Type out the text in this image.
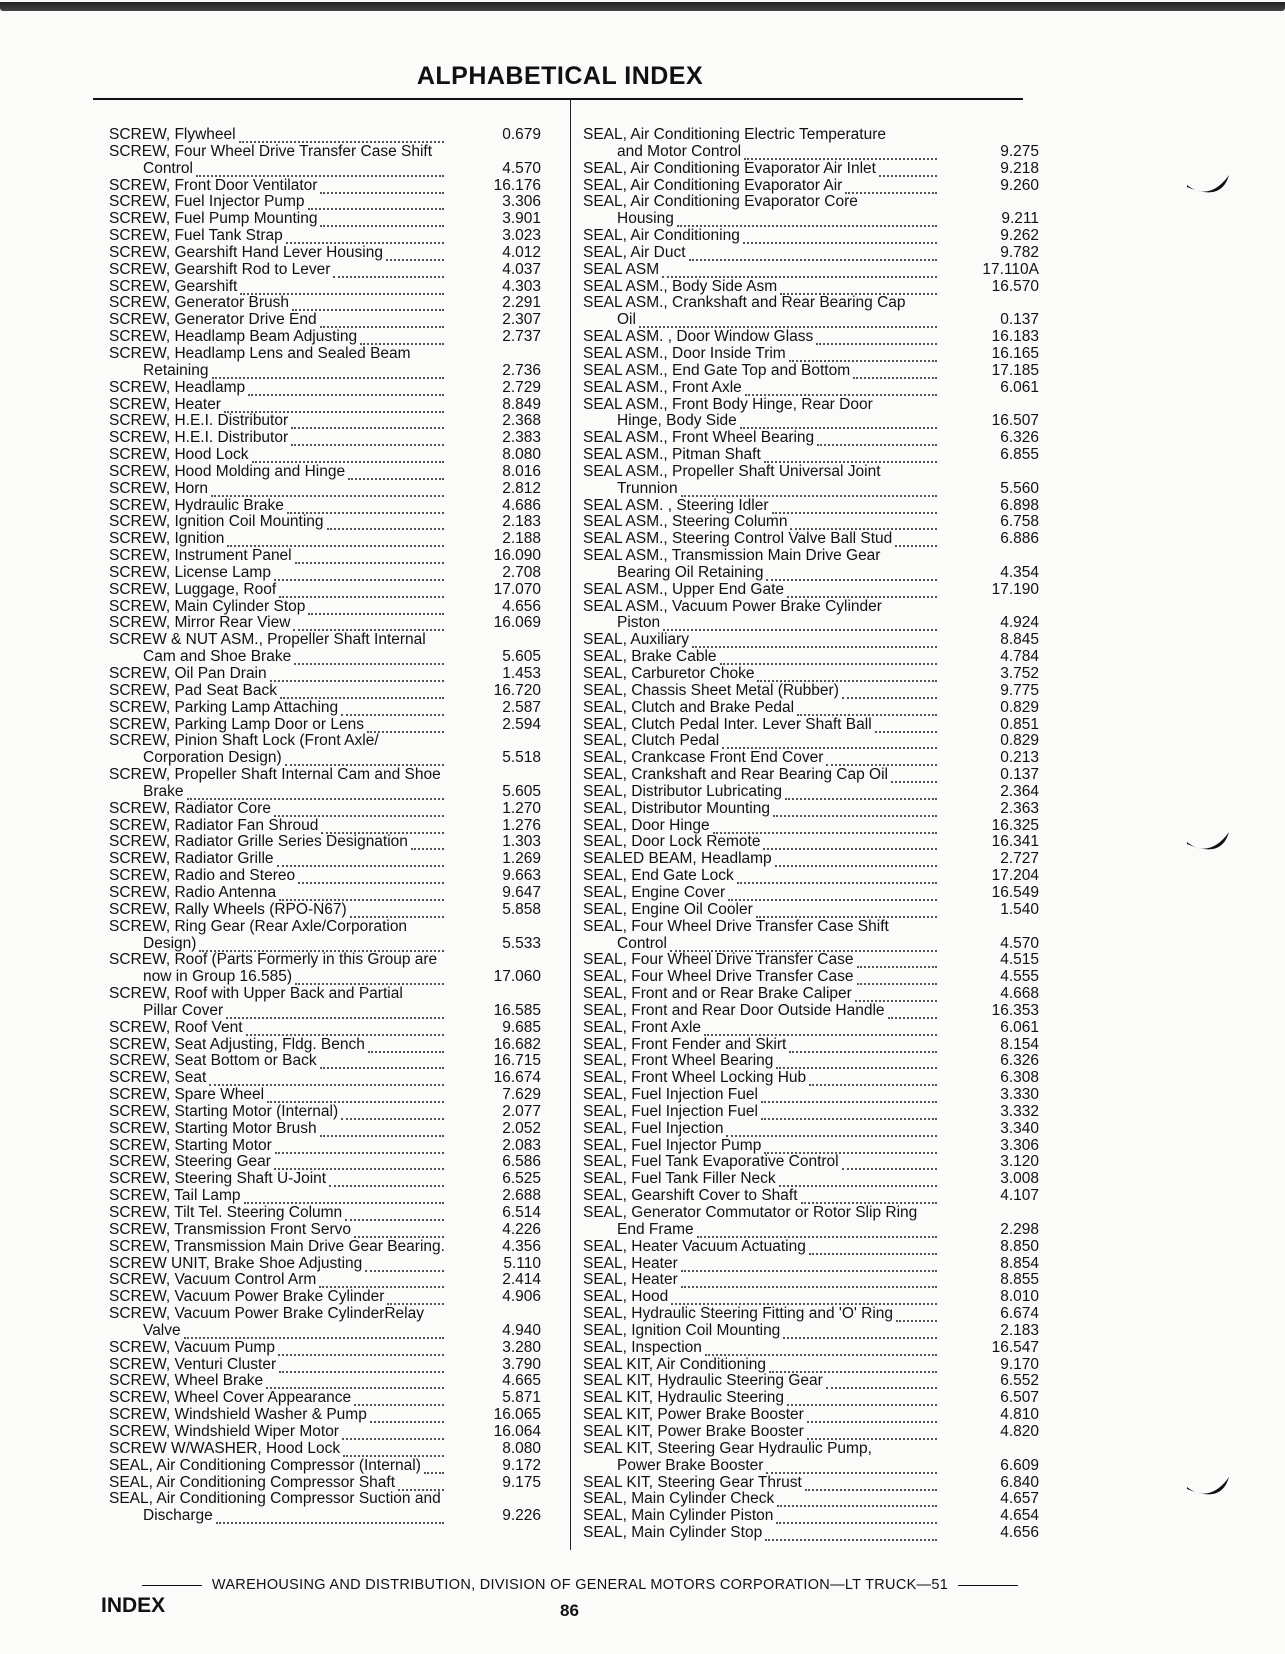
ALPHABETICAL INDEX
SCREW, Flywheel	0.679
SCREW, Four Wheel Drive Transfer Case Shift
Control	4.570
SCREW, Front Door Ventilator	16.176
SCREW, Fuel Injector Pump	3.306
SCREW, Fuel Pump Mounting	3.901
SCREW, Fuel Tank Strap	3.023
SCREW, Gearshift Hand Lever Housing	4.012
SCREW, Gearshift Rod to Lever	4.037
SCREW, Gearshift	4.303
SCREW, Generator Brush	2.291
SCREW, Generator Drive End	2.307
SCREW, Headlamp Beam Adjusting	2.737
SCREW, Headlamp Lens and Sealed Beam
Retaining	2.736
SCREW, Headlamp	2.729
SCREW, Heater	8.849
SCREW, H.E.I. Distributor	2.368
SCREW, H.E.I. Distributor	2.383
SCREW, Hood Lock	8.080
SCREW, Hood Molding and Hinge	8.016
SCREW, Horn	2.812
SCREW, Hydraulic Brake	4.686
SCREW, Ignition Coil Mounting	2.183
SCREW, Ignition	2.188
SCREW, Instrument Panel	16.090
SCREW, License Lamp	2.708
SCREW, Luggage, Roof	17.070
SCREW, Main Cylinder Stop	4.656
SCREW, Mirror Rear View	16.069
SCREW & NUT ASM., Propeller Shaft Internal
Cam and Shoe Brake	5.605
SCREW, Oil Pan Drain	1.453
SCREW, Pad Seat Back	16.720
SCREW, Parking Lamp Attaching	2.587
SCREW, Parking Lamp Door or Lens	2.594
SCREW, Pinion Shaft Lock (Front Axle/
Corporation Design)	5.518
SCREW, Propeller Shaft Internal Cam and Shoe
Brake	5.605
SCREW, Radiator Core	1.270
SCREW, Radiator Fan Shroud	1.276
SCREW, Radiator Grille Series Designation	1.303
SCREW, Radiator Grille	1.269
SCREW, Radio and Stereo	9.663
SCREW, Radio Antenna	9.647
SCREW, Rally Wheels (RPO-N67)	5.858
SCREW, Ring Gear (Rear Axle/Corporation
Design)	5.533
SCREW, Roof (Parts Formerly in this Group are
now in Group 16.585)	17.060
SCREW, Roof with Upper Back and Partial
Pillar Cover	16.585
SCREW, Roof Vent	9.685
SCREW, Seat Adjusting, Fldg. Bench	16.682
SCREW, Seat Bottom or Back	16.715
SCREW, Seat	16.674
SCREW, Spare Wheel	7.629
SCREW, Starting Motor (Internal)	2.077
SCREW, Starting Motor Brush	2.052
SCREW, Starting Motor	2.083
SCREW, Steering Gear	6.586
SCREW, Steering Shaft U-Joint	6.525
SCREW, Tail Lamp	2.688
SCREW, Tilt Tel. Steering Column	6.514
SCREW, Transmission Front Servo	4.226
SCREW, Transmission Main Drive Gear Bearing.	4.356
SCREW UNIT, Brake Shoe Adjusting	5.110
SCREW, Vacuum Control Arm	2.414
SCREW, Vacuum Power Brake Cylinder	4.906
SCREW, Vacuum Power Brake CylinderRelay
Valve	4.940
SCREW, Vacuum Pump	3.280
SCREW, Venturi Cluster	3.790
SCREW, Wheel Brake	4.665
SCREW, Wheel Cover Appearance	5.871
SCREW, Windshield Washer & Pump	16.065
SCREW, Windshield Wiper Motor	16.064
SCREW W/WASHER, Hood Lock	8.080
SEAL, Air Conditioning Compressor (Internal)	9.172
SEAL, Air Conditioning Compressor Shaft	9.175
SEAL, Air Conditioning Compressor Suction and
Discharge	9.226
SEAL, Air Conditioning Electric Temperature
and Motor Control	9.275
SEAL, Air Conditioning Evaporator Air Inlet	9.218
SEAL, Air Conditioning Evaporator Air	9.260
SEAL, Air Conditioning Evaporator Core
Housing	9.211
SEAL, Air Conditioning	9.262
SEAL, Air Duct	9.782
SEAL ASM	17.110A
SEAL ASM., Body Side Asm	16.570
SEAL ASM., Crankshaft and Rear Bearing Cap
Oil	0.137
SEAL ASM. , Door Window Glass	16.183
SEAL ASM., Door Inside Trim	16.165
SEAL ASM., End Gate Top and Bottom	17.185
SEAL ASM., Front Axle	6.061
SEAL ASM., Front Body Hinge, Rear Door
Hinge, Body Side	16.507
SEAL ASM., Front Wheel Bearing	6.326
SEAL ASM., Pitman Shaft	6.855
SEAL ASM., Propeller Shaft Universal Joint
Trunnion	5.560
SEAL ASM. , Steering Idler	6.898
SEAL ASM., Steering Column	6.758
SEAL ASM., Steering Control Valve Ball Stud	6.886
SEAL ASM., Transmission Main Drive Gear
Bearing Oil Retaining	4.354
SEAL ASM., Upper End Gate	17.190
SEAL ASM., Vacuum Power Brake Cylinder
Piston	4.924
SEAL, Auxiliary	8.845
SEAL, Brake Cable	4.784
SEAL, Carburetor Choke	3.752
SEAL, Chassis Sheet Metal (Rubber)	9.775
SEAL, Clutch and Brake Pedal	0.829
SEAL, Clutch Pedal Inter. Lever Shaft Ball	0.851
SEAL, Clutch Pedal	0.829
SEAL, Crankcase Front End Cover	0.213
SEAL, Crankshaft and Rear Bearing Cap Oil	0.137
SEAL, Distributor Lubricating	2.364
SEAL, Distributor Mounting	2.363
SEAL, Door Hinge	16.325
SEAL, Door Lock Remote	16.341
SEALED BEAM, Headlamp	2.727
SEAL, End Gate Lock	17.204
SEAL, Engine Cover	16.549
SEAL, Engine Oil Cooler	1.540
SEAL, Four Wheel Drive Transfer Case Shift
Control	4.570
SEAL, Four Wheel Drive Transfer Case	4.515
SEAL, Four Wheel Drive Transfer Case	4.555
SEAL, Front and or Rear Brake Caliper	4.668
SEAL, Front and Rear Door Outside Handle	16.353
SEAL, Front Axle	6.061
SEAL, Front Fender and Skirt	8.154
SEAL, Front Wheel Bearing	6.326
SEAL, Front Wheel Locking Hub	6.308
SEAL, Fuel Injection Fuel	3.330
SEAL, Fuel Injection Fuel	3.332
SEAL, Fuel Injection	3.340
SEAL, Fuel Injector Pump	3.306
SEAL, Fuel Tank Evaporative Control	3.120
SEAL, Fuel Tank Filler Neck	3.008
SEAL, Gearshift Cover to Shaft	4.107
SEAL, Generator Commutator or Rotor Slip Ring
End Frame	2.298
SEAL, Heater Vacuum Actuating	8.850
SEAL, Heater	8.854
SEAL, Heater	8.855
SEAL, Hood	8.010
SEAL, Hydraulic Steering Fitting and 'O' Ring	6.674
SEAL, Ignition Coil Mounting	2.183
SEAL, Inspection	16.547
SEAL KIT, Air Conditioning	9.170
SEAL KIT, Hydraulic Steering Gear	6.552
SEAL KIT, Hydraulic Steering	6.507
SEAL KIT, Power Brake Booster	4.810
SEAL KIT, Power Brake Booster	4.820
SEAL KIT, Steering Gear Hydraulic Pump,
Power Brake Booster	6.609
SEAL KIT, Steering Gear Thrust	6.840
SEAL, Main Cylinder Check	4.657
SEAL, Main Cylinder Piston	4.654
SEAL, Main Cylinder Stop	4.656
WAREHOUSING AND DISTRIBUTION, DIVISION OF GENERAL MOTORS CORPORATION—LT TRUCK—51
INDEX	86
